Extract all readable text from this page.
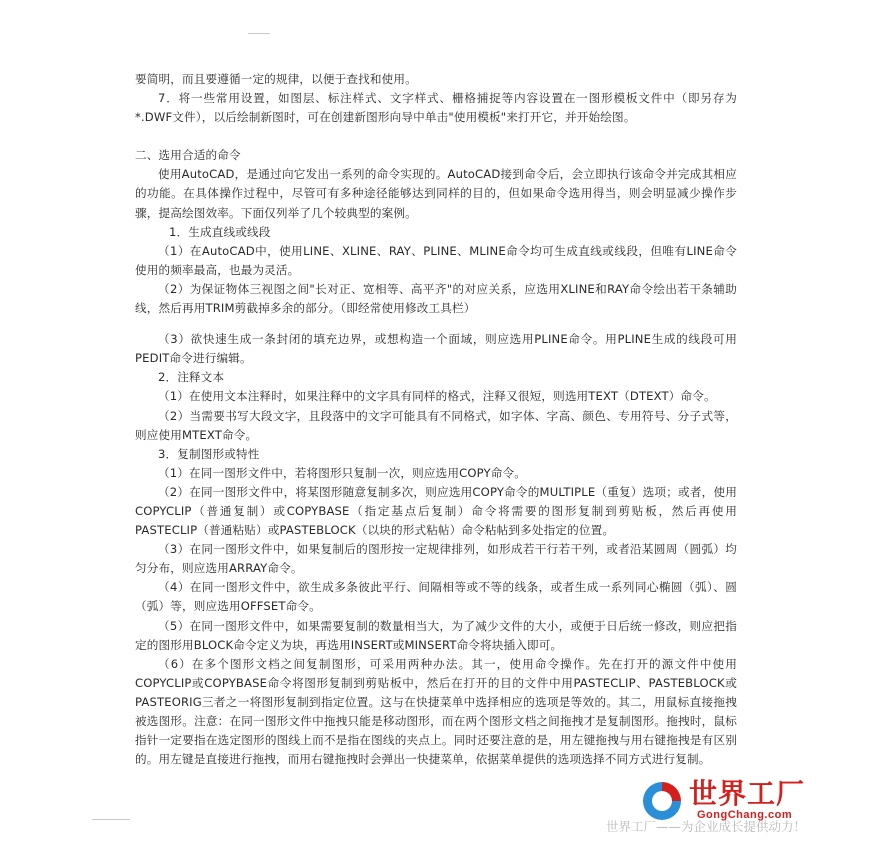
要简明，而且要遵循一定的规律，以便于查找和使用。

7．将一些常用设置，如图层、标注样式、文字样式、栅格捕捉等内容设置在一图形模板文件中（即另存为*.DWF文件），以后绘制新图时，可在创建新图形向导中单击"使用模板"来打开它，并开始绘图。

二、选用合适的命令

使用AutoCAD，是通过向它发出一系列的命令实现的。AutoCAD接到命令后，会立即执行该命令并完成其相应的功能。在具体操作过程中，尽管可有多种途径能够达到同样的目的，但如果命令选用得当，则会明显减少操作步骤，提高绘图效率。下面仅列举了几个较典型的案例。

1．生成直线或线段

（1）在AutoCAD中，使用LINE、XLINE、RAY、PLINE、MLINE命令均可生成直线或线段，但唯有LINE命令使用的频率最高，也最为灵活。

（2）为保证物体三视图之间"长对正、宽相等、高平齐"的对应关系，应选用XLINE和RAY命令绘出若干条辅助线，然后再用TRIM剪截掉多余的部分。（即经常使用修改工具栏）

（3）欲快速生成一条封闭的填充边界，或想构造一个面域，则应选用PLINE命令。用PLINE生成的线段可用PEDIT命令进行编辑。

2．注释文本

（1）在使用文本注释时，如果注释中的文字具有同样的格式，注释又很短，则选用TEXT（DTEXT）命令。

（2）当需要书写大段文字，且段落中的文字可能具有不同格式，如字体、字高、颜色、专用符号、分子式等，则应使用MTEXT命令。

3．复制图形或特性

（1）在同一图形文件中，若将图形只复制一次，则应选用COPY命令。

（2）在同一图形文件中，将某图形随意复制多次，则应选用COPY命令的MULTIPLE（重复）选项；或者，使用COPYCLIP（普通复制）或COPYBASE（指定基点后复制）命令将需要的图形复制到剪贴板，然后再使用PASTECLIP（普通粘贴）或PASTEBLOCK（以块的形式粘帖）命令粘帖到多处指定的位置。

（3）在同一图形文件中，如果复制后的图形按一定规律排列，如形成若干行若干列，或者沿某圆周（圆弧）均匀分布，则应选用ARRAY命令。

（4）在同一图形文件中，欲生成多条彼此平行、间隔相等或不等的线条，或者生成一系列同心椭圆（弧）、圆（弧）等，则应选用OFFSET命令。

（5）在同一图形文件中，如果需要复制的数量相当大，为了减少文件的大小，或便于日后统一修改，则应把指定的图形用BLOCK命令定义为块，再选用INSERT或MINSERT命令将块插入即可。

（6）在多个图形文档之间复制图形，可采用两种办法。其一，使用命令操作。先在打开的源文件中使用COPYCLIP或COPYBASE命令将图形复制到剪贴板中，然后在打开的目的文件中用PASTECLIP、PASTEBLOCK或PASTEORIG三者之一将图形复制到指定位置。这与在快捷菜单中选择相应的选项是等效的。其二，用鼠标直接拖拽被选图形。注意：在同一图形文件中拖拽只能是移动图形，而在两个图形文档之间拖拽才是复制图形。拖拽时，鼠标指针一定要指在选定图形的图线上而不是指在图线的夹点上。同时还要注意的是，用左键拖拽与用右键拖拽是有区别的。用左键是直接进行拖拽，而用右键拖拽时会弹出一快捷菜单，依据菜单提供的选项选择不同方式进行复制。

世界工厂
GongChang.com
世界工厂——为企业成长提供动力！
